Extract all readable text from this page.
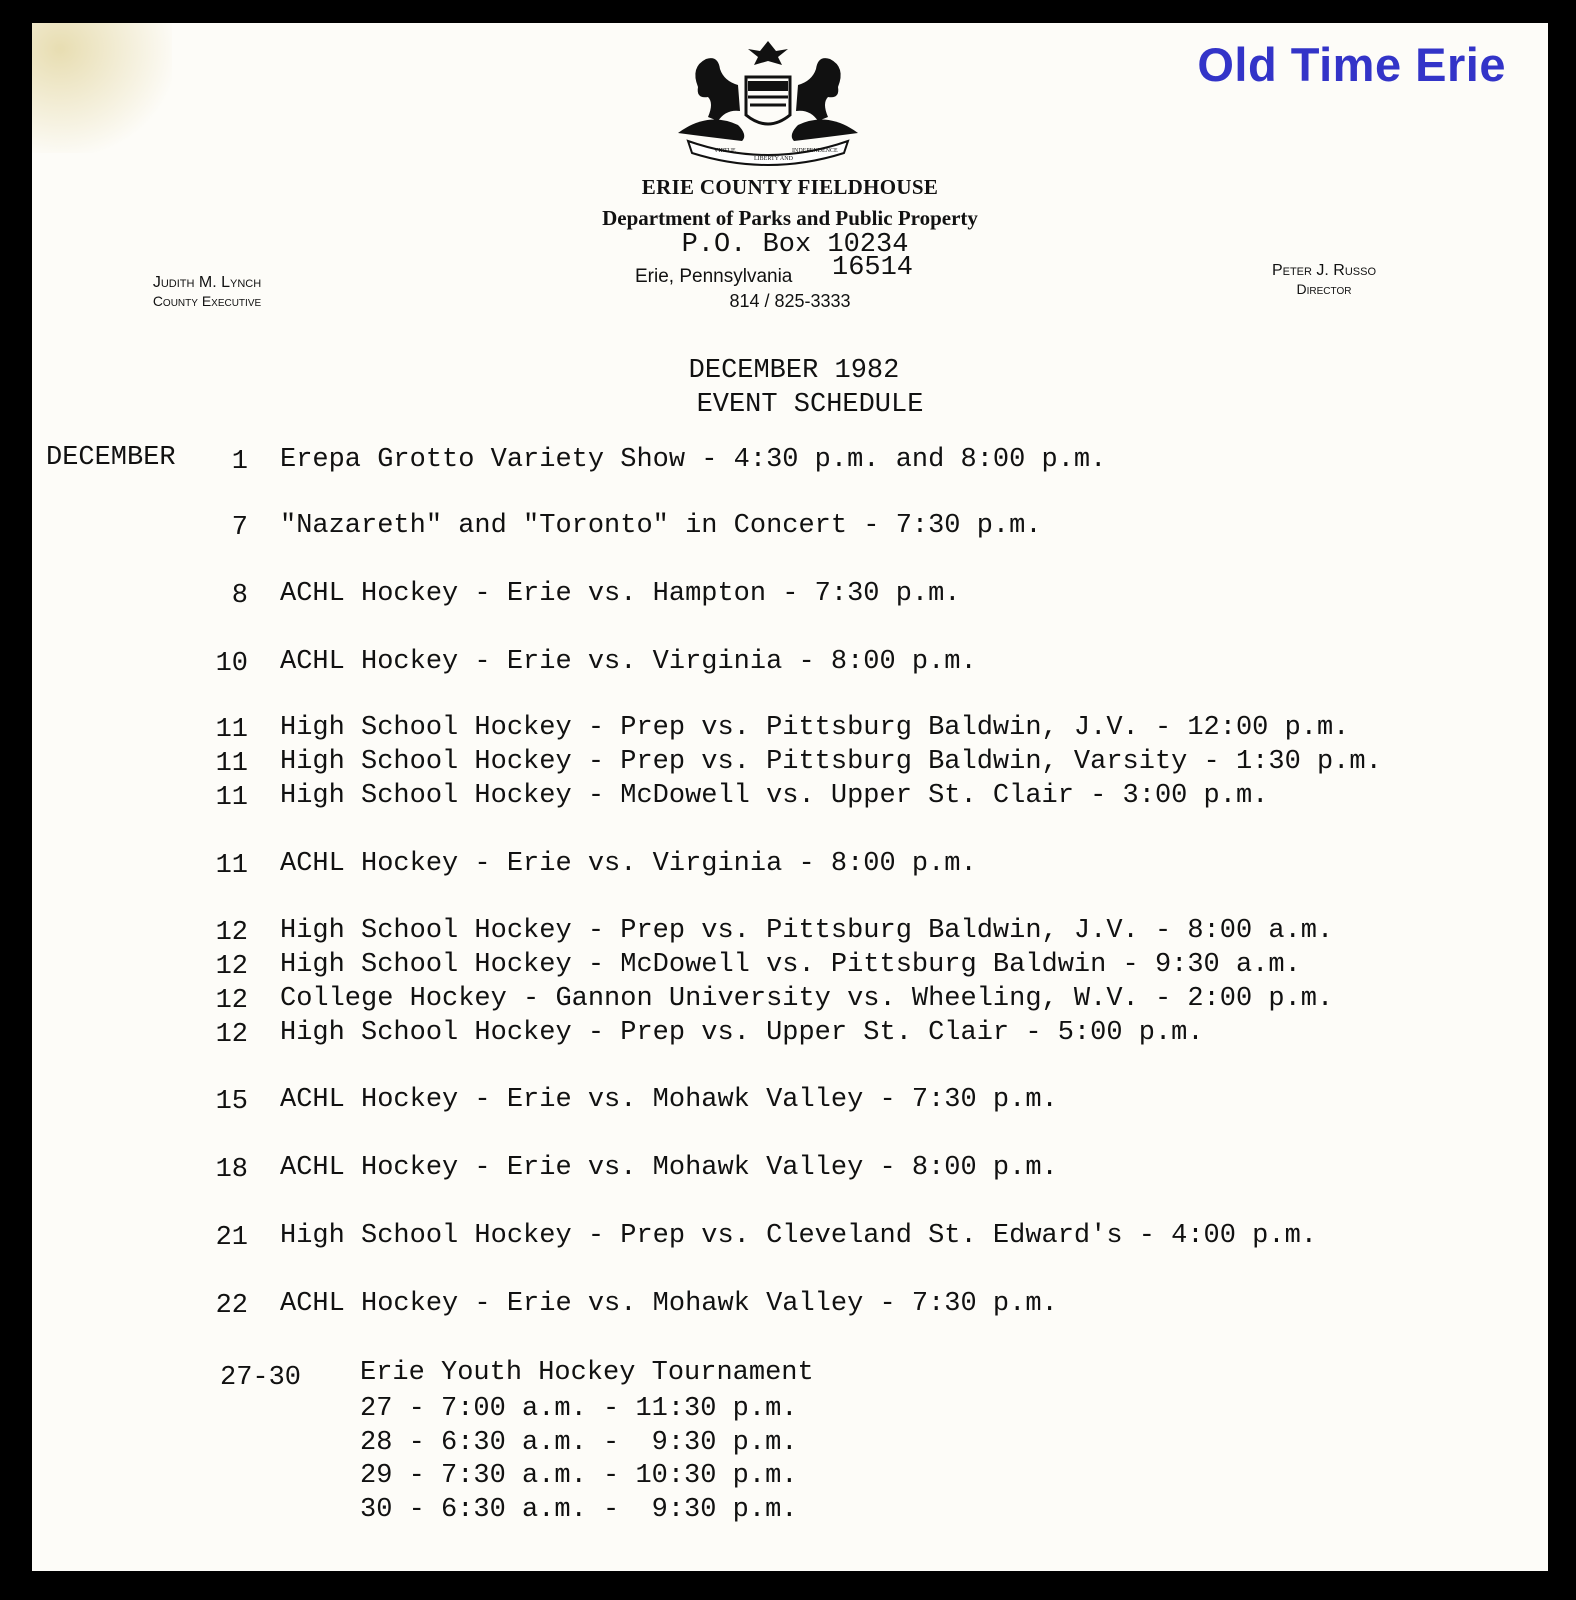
Old Time Erie
VIRTUE
LIBERTY AND
INDEPENDENCE
ERIE COUNTY FIELDHOUSE
Department of Parks and Public Property
P.O. Box 10234
Erie, Pennsylvania 16514
814 / 825-3333
Judith M. Lynch
County Executive
Peter J. Russo
Director
DECEMBER 1982
EVENT SCHEDULE
DECEMBER	1 Erepa Grotto Variety Show - 4:30 p.m. and 8:00 p.m.
7 "Nazareth" and "Toronto" in Concert - 7:30 p.m.
8 ACHL Hockey - Erie vs. Hampton - 7:30 p.m.
10 ACHL Hockey - Erie vs. Virginia - 8:00 p.m.
11 High School Hockey - Prep vs. Pittsburg Baldwin, J.V. - 12:00 p.m.
11 High School Hockey - Prep vs. Pittsburg Baldwin, Varsity - 1:30 p.m.
11 High School Hockey - McDowell vs. Upper St. Clair - 3:00 p.m.
11 ACHL Hockey - Erie vs. Virginia - 8:00 p.m.
12 High School Hockey - Prep vs. Pittsburg Baldwin, J.V. - 8:00 a.m.
12 High School Hockey - McDowell vs. Pittsburg Baldwin - 9:30 a.m.
12 College Hockey - Gannon University vs. Wheeling, W.V. - 2:00 p.m.
12 High School Hockey - Prep vs. Upper St. Clair - 5:00 p.m.
15 ACHL Hockey - Erie vs. Mohawk Valley - 7:30 p.m.
18 ACHL Hockey - Erie vs. Mohawk Valley - 8:00 p.m.
21 High School Hockey - Prep vs. Cleveland St. Edward's - 4:00 p.m.
22 ACHL Hockey - Erie vs. Mohawk Valley - 7:30 p.m.
27-30 Erie Youth Hockey Tournament
27 - 7:00 a.m. - 11:30 p.m.
28 - 6:30 a.m. -  9:30 p.m.
29 - 7:30 a.m. - 10:30 p.m.
30 - 6:30 a.m. -  9:30 p.m.
